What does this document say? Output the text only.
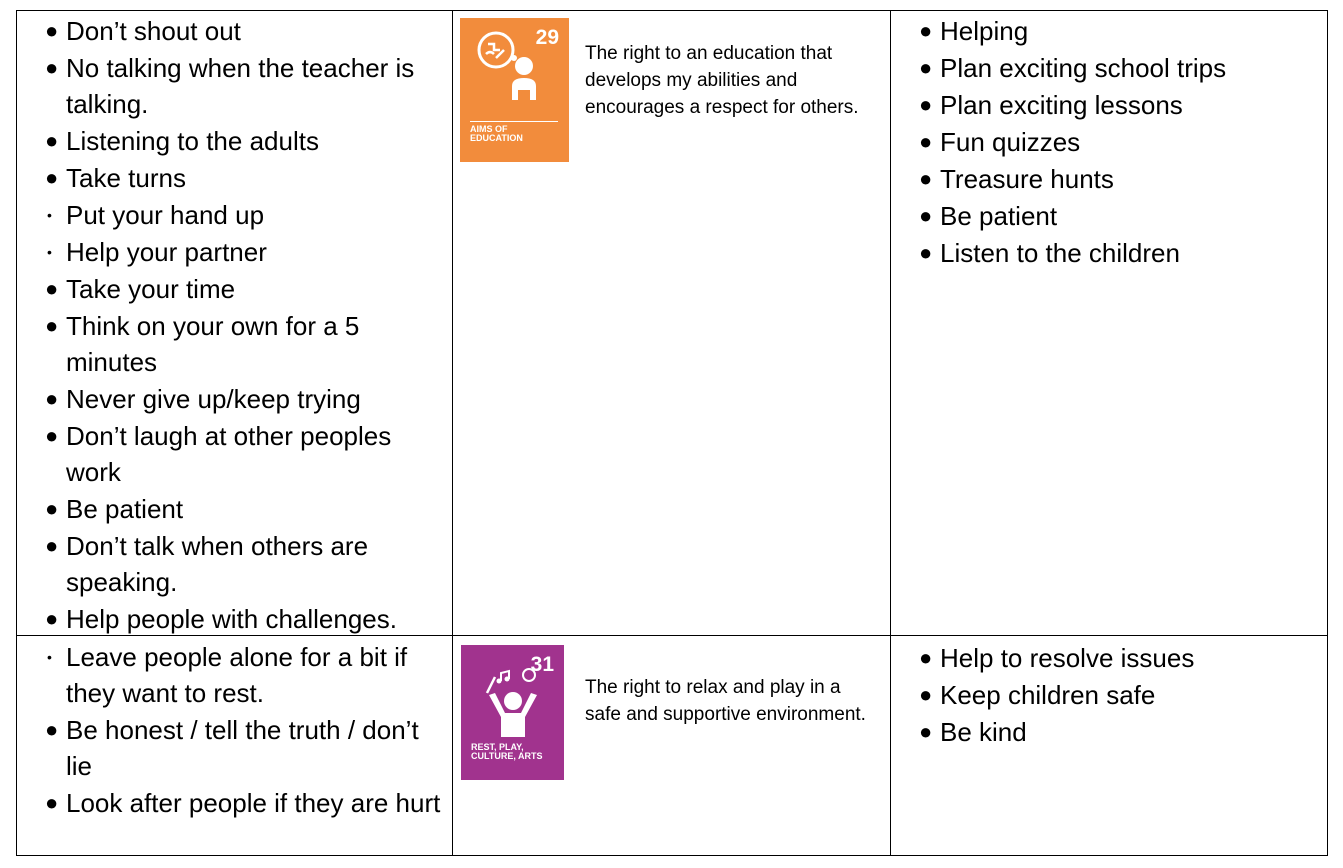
● Don’t shout out
● No talking when the teacher is talking.
● Listening to the adults
● Take turns
• Put your hand up
• Help your partner
● Take your time
● Think on your own for a 5 minutes
● Never give up/keep trying
● Don’t laugh at other peoples work
● Be patient
● Don’t talk when others are speaking.
● Help people with challenges.
29
AIMS OF
EDUCATION
The right to an education that develops my abilities and encourages a respect for others.
● Helping
● Plan exciting school trips
● Plan exciting lessons
● Fun quizzes
● Treasure hunts
● Be patient
● Listen to the children
• Leave people alone for a bit if they want to rest.
● Be honest / tell the truth / don’t lie
● Look after people if they are hurt
31
REST, PLAY,
CULTURE, ARTS
The right to relax and play in a safe and supportive environment.
● Help to resolve issues
● Keep children safe
● Be kind
